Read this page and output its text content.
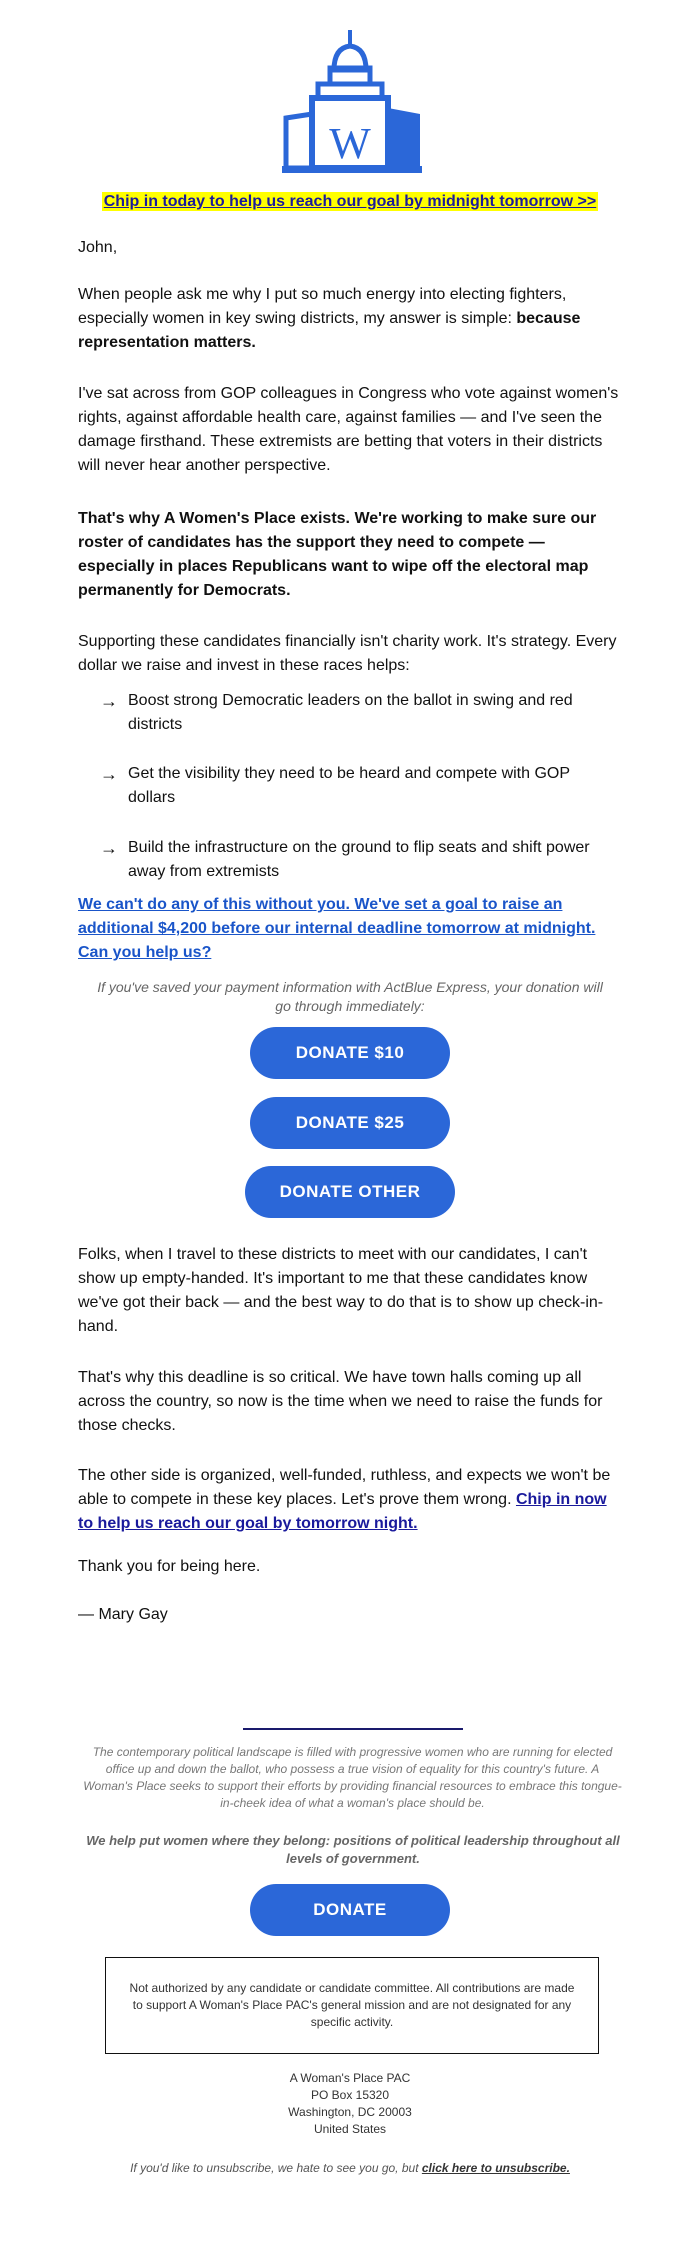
W
Chip in today to help us reach our goal by midnight tomorrow >>
John,
When people ask me why I put so much energy into electing fighters, especially women in key swing districts, my answer is simple: because representation matters.
I've sat across from GOP colleagues in Congress who vote against women's rights, against affordable health care, against families — and I've seen the damage firsthand. These extremists are betting that voters in their districts will never hear another perspective.
That's why A Women's Place exists. We're working to make sure our roster of candidates has the support they need to compete — especially in places Republicans want to wipe off the electoral map permanently for Democrats.
Supporting these candidates financially isn't charity work. It's strategy. Every dollar we raise and invest in these races helps:
→ Boost strong Democratic leaders on the ballot in swing and red districts
→ Get the visibility they need to be heard and compete with GOP dollars
→ Build the infrastructure on the ground to flip seats and shift power away from extremists
We can't do any of this without you. We've set a goal to raise an additional $4,200 before our internal deadline tomorrow at midnight. Can you help us?
If you've saved your payment information with ActBlue Express, your donation will go through immediately:
DONATE $10
DONATE $25
DONATE OTHER
Folks, when I travel to these districts to meet with our candidates, I can't show up empty-handed. It's important to me that these candidates know we've got their back — and the best way to do that is to show up check-in-hand.
That's why this deadline is so critical. We have town halls coming up all across the country, so now is the time when we need to raise the funds for those checks.
The other side is organized, well-funded, ruthless, and expects we won't be able to compete in these key places. Let's prove them wrong. Chip in now to help us reach our goal by tomorrow night.
Thank you for being here.
— Mary Gay
The contemporary political landscape is filled with progressive women who are running for elected office up and down the ballot, who possess a true vision of equality for this country's future. A Woman's Place seeks to support their efforts by providing financial resources to embrace this tongue-in-cheek idea of what a woman's place should be.
We help put women where they belong: positions of political leadership throughout all levels of government.
DONATE
Not authorized by any candidate or candidate committee. All contributions are made to support A Woman's Place PAC's general mission and are not designated for any specific activity.
A Woman's Place PAC
PO Box 15320
Washington, DC 20003
United States
If you'd like to unsubscribe, we hate to see you go, but click here to unsubscribe.
